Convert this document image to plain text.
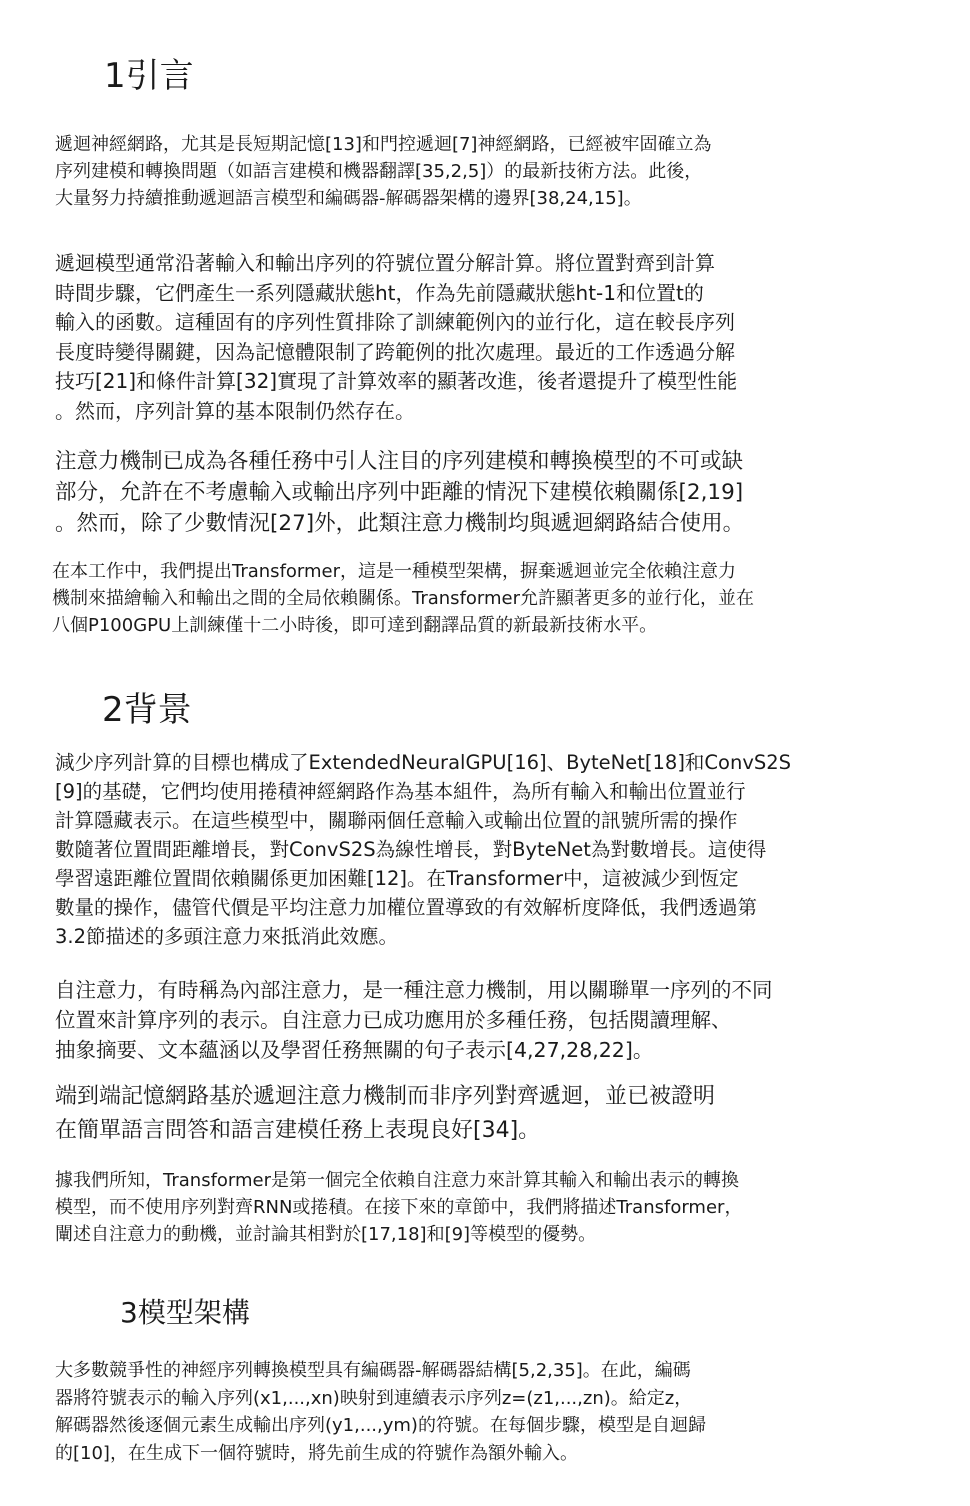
1引言
遞迴神經網路，尤其是長短期記憶[13]和門控遞迴[7]神經網路，已經被牢固確立為
序列建模和轉換問題（如語言建模和機器翻譯[35,2,5]）的最新技術方法。此後，
大量努力持續推動遞迴語言模型和編碼器-解碼器架構的邊界[38,24,15]。
遞迴模型通常沿著輸入和輸出序列的符號位置分解計算。將位置對齊到計算
時間步驟，它們產生一系列隱藏狀態ht，作為先前隱藏狀態ht-1和位置t的
輸入的函數。這種固有的序列性質排除了訓練範例內的並行化，這在較長序列
長度時變得關鍵，因為記憶體限制了跨範例的批次處理。最近的工作透過分解
技巧[21]和條件計算[32]實現了計算效率的顯著改進，後者還提升了模型性能
。然而，序列計算的基本限制仍然存在。
注意力機制已成為各種任務中引人注目的序列建模和轉換模型的不可或缺
部分，允許在不考慮輸入或輸出序列中距離的情況下建模依賴關係[2,19]
。然而，除了少數情況[27]外，此類注意力機制均與遞迴網路結合使用。
在本工作中，我們提出Transformer，這是一種模型架構，摒棄遞迴並完全依賴注意力
機制來描繪輸入和輸出之間的全局依賴關係。Transformer允許顯著更多的並行化，並在
八個P100GPU上訓練僅十二小時後，即可達到翻譯品質的新最新技術水平。
2背景
減少序列計算的目標也構成了ExtendedNeuralGPU[16]、ByteNet[18]和ConvS2S
[9]的基礎，它們均使用捲積神經網路作為基本組件，為所有輸入和輸出位置並行
計算隱藏表示。在這些模型中，關聯兩個任意輸入或輸出位置的訊號所需的操作
數隨著位置間距離增長，對ConvS2S為線性增長，對ByteNet為對數增長。這使得
學習遠距離位置間依賴關係更加困難[12]。在Transformer中，這被減少到恆定
數量的操作，儘管代價是平均注意力加權位置導致的有效解析度降低，我們透過第
3.2節描述的多頭注意力來抵消此效應。
自注意力，有時稱為內部注意力，是一種注意力機制，用以關聯單一序列的不同
位置來計算序列的表示。自注意力已成功應用於多種任務，包括閱讀理解、
抽象摘要、文本蘊涵以及學習任務無關的句子表示[4,27,28,22]。
端到端記憶網路基於遞迴注意力機制而非序列對齊遞迴，並已被證明
在簡單語言問答和語言建模任務上表現良好[34]。
據我們所知，Transformer是第一個完全依賴自注意力來計算其輸入和輸出表示的轉換
模型，而不使用序列對齊RNN或捲積。在接下來的章節中，我們將描述Transformer，
闡述自注意力的動機，並討論其相對於[17,18]和[9]等模型的優勢。
3模型架構
大多數競爭性的神經序列轉換模型具有編碼器-解碼器結構[5,2,35]。在此，編碼
器將符號表示的輸入序列(x1,...,xn)映射到連續表示序列z=(z1,...,zn)。給定z，
解碼器然後逐個元素生成輸出序列(y1,...,ym)的符號。在每個步驟，模型是自迴歸
的[10]，在生成下一個符號時，將先前生成的符號作為額外輸入。
